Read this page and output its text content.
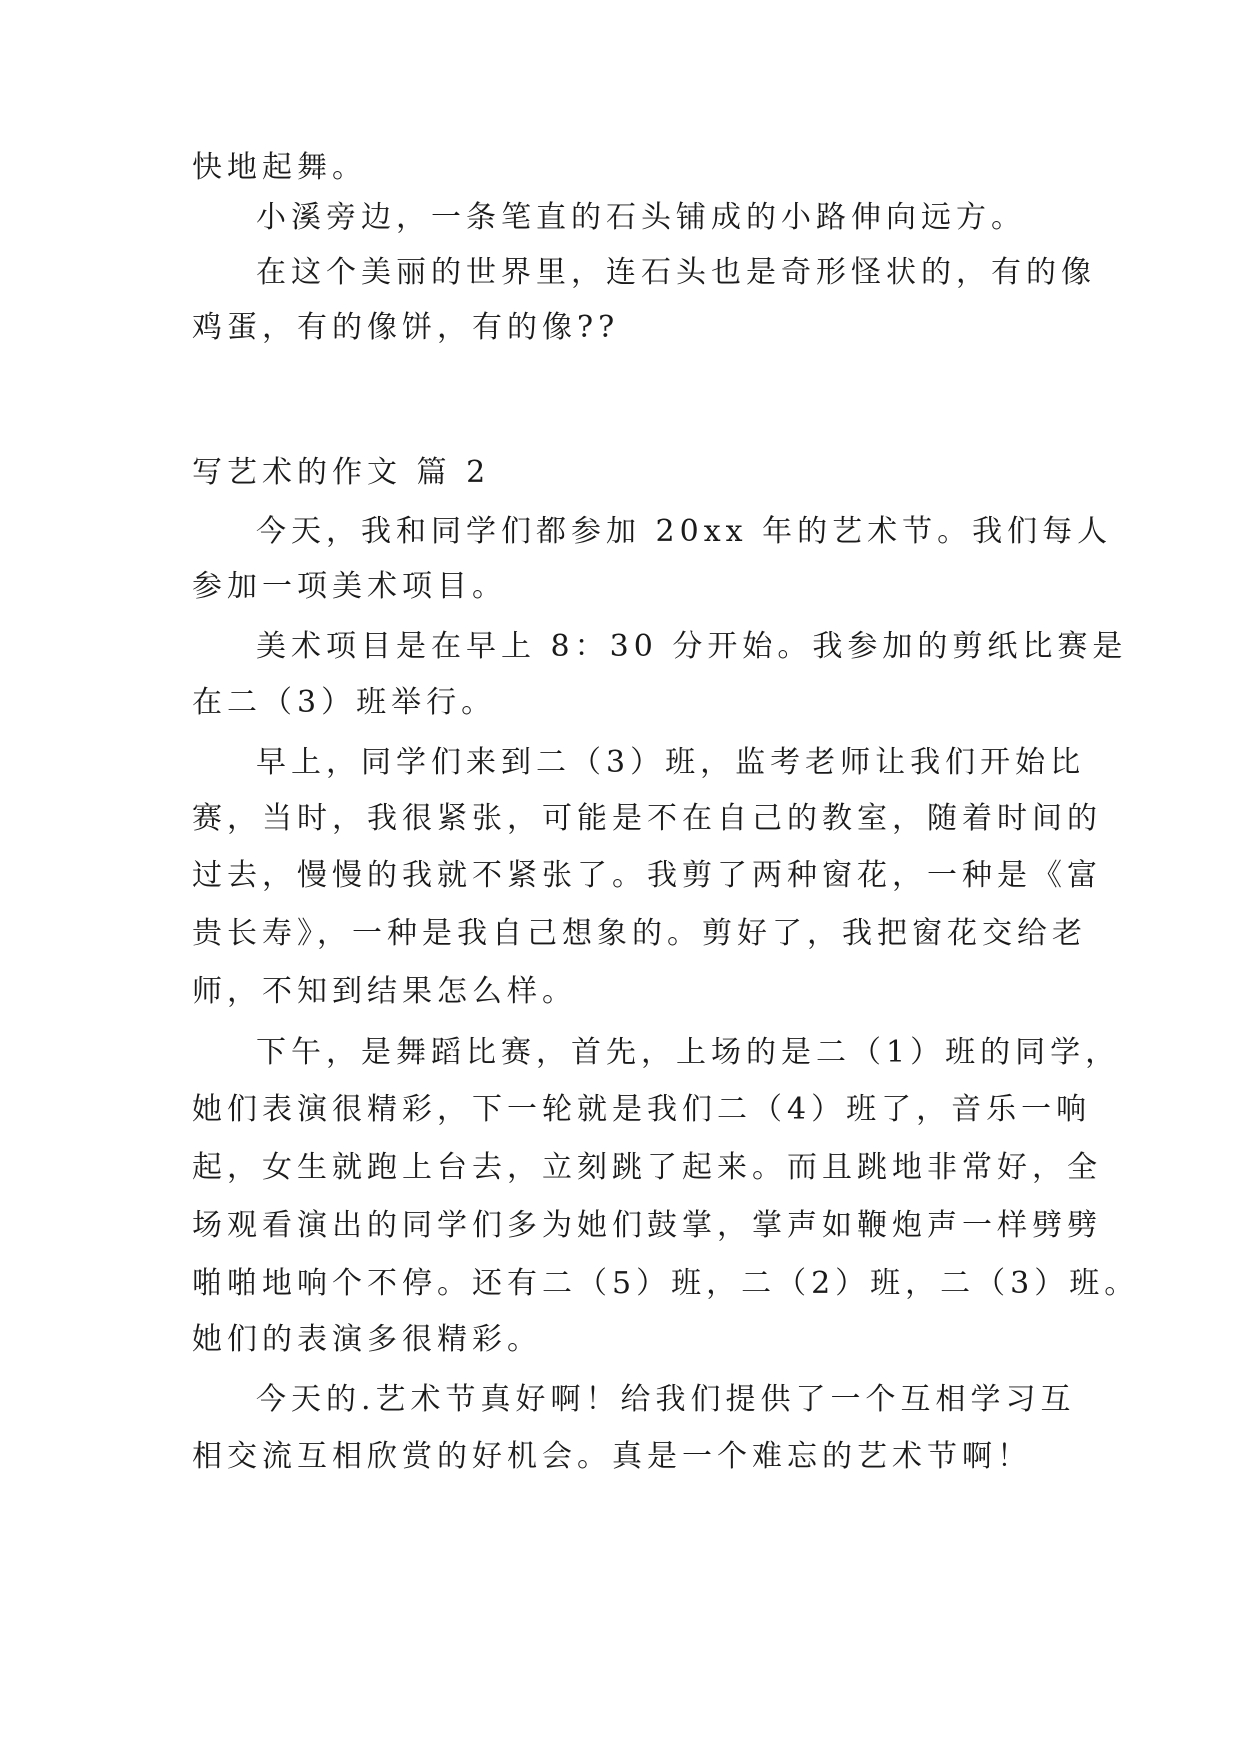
快地起舞。

小溪旁边，一条笔直的石头铺成的小路伸向远方。

在这个美丽的世界里，连石头也是奇形怪状的，有的像

鸡蛋，有的像饼，有的像??

写艺术的作文 篇 2

今天，我和同学们都参加 20xx 年的艺术节。我们每人

参加一项美术项目。

美术项目是在早上 8：30 分开始。我参加的剪纸比赛是

在二（3）班举行。

早上，同学们来到二（3）班，监考老师让我们开始比

赛，当时，我很紧张，可能是不在自己的教室，随着时间的

过去，慢慢的我就不紧张了。我剪了两种窗花，一种是《富

贵长寿》，一种是我自己想象的。剪好了，我把窗花交给老

师，不知到结果怎么样。

下午，是舞蹈比赛，首先，上场的是二（1）班的同学，

她们表演很精彩，下一轮就是我们二（4）班了，音乐一响

起，女生就跑上台去，立刻跳了起来。而且跳地非常好，全

场观看演出的同学们多为她们鼓掌，掌声如鞭炮声一样劈劈

啪啪地响个不停。还有二（5）班，二（2）班，二（3）班。

她们的表演多很精彩。

今天的.艺术节真好啊！给我们提供了一个互相学习互

相交流互相欣赏的好机会。真是一个难忘的艺术节啊！
